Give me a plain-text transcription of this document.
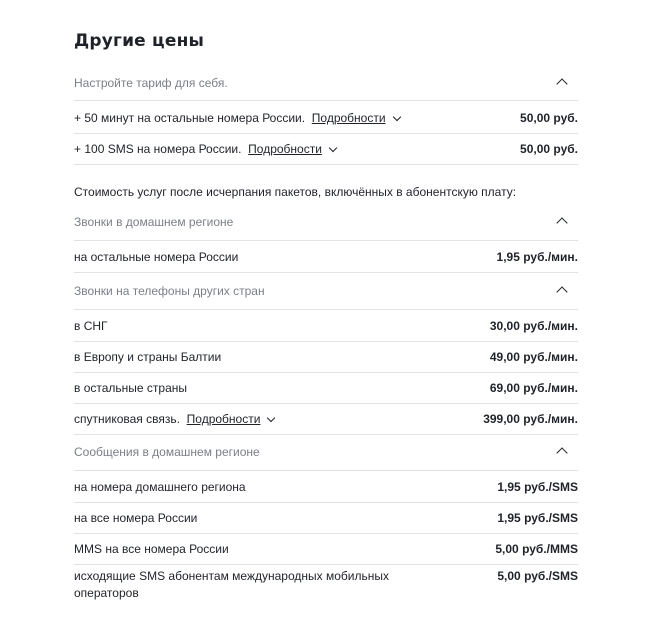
Другие цены
Настройте тариф для себя.
+ 50 минут на остальные номера России. Подробности	50,00 руб.
+ 100 SMS на номера России. Подробности	50,00 руб.
Стоимость услуг после исчерпания пакетов, включённых в абонентскую плату:
Звонки в домашнем регионе
на остальные номера России	1,95 руб./мин.
Звонки на телефоны других стран
в СНГ	30,00 руб./мин.
в Европу и страны Балтии	49,00 руб./мин.
в остальные страны	69,00 руб./мин.
спутниковая связь. Подробности	399,00 руб./мин.
Сообщения в домашнем регионе
на номера домашнего региона	1,95 руб./SMS
на все номера России	1,95 руб./SMS
MMS на все номера России	5,00 руб./MMS
исходящие SMS абонентам международных мобильных операторов
5,00 руб./SMS
